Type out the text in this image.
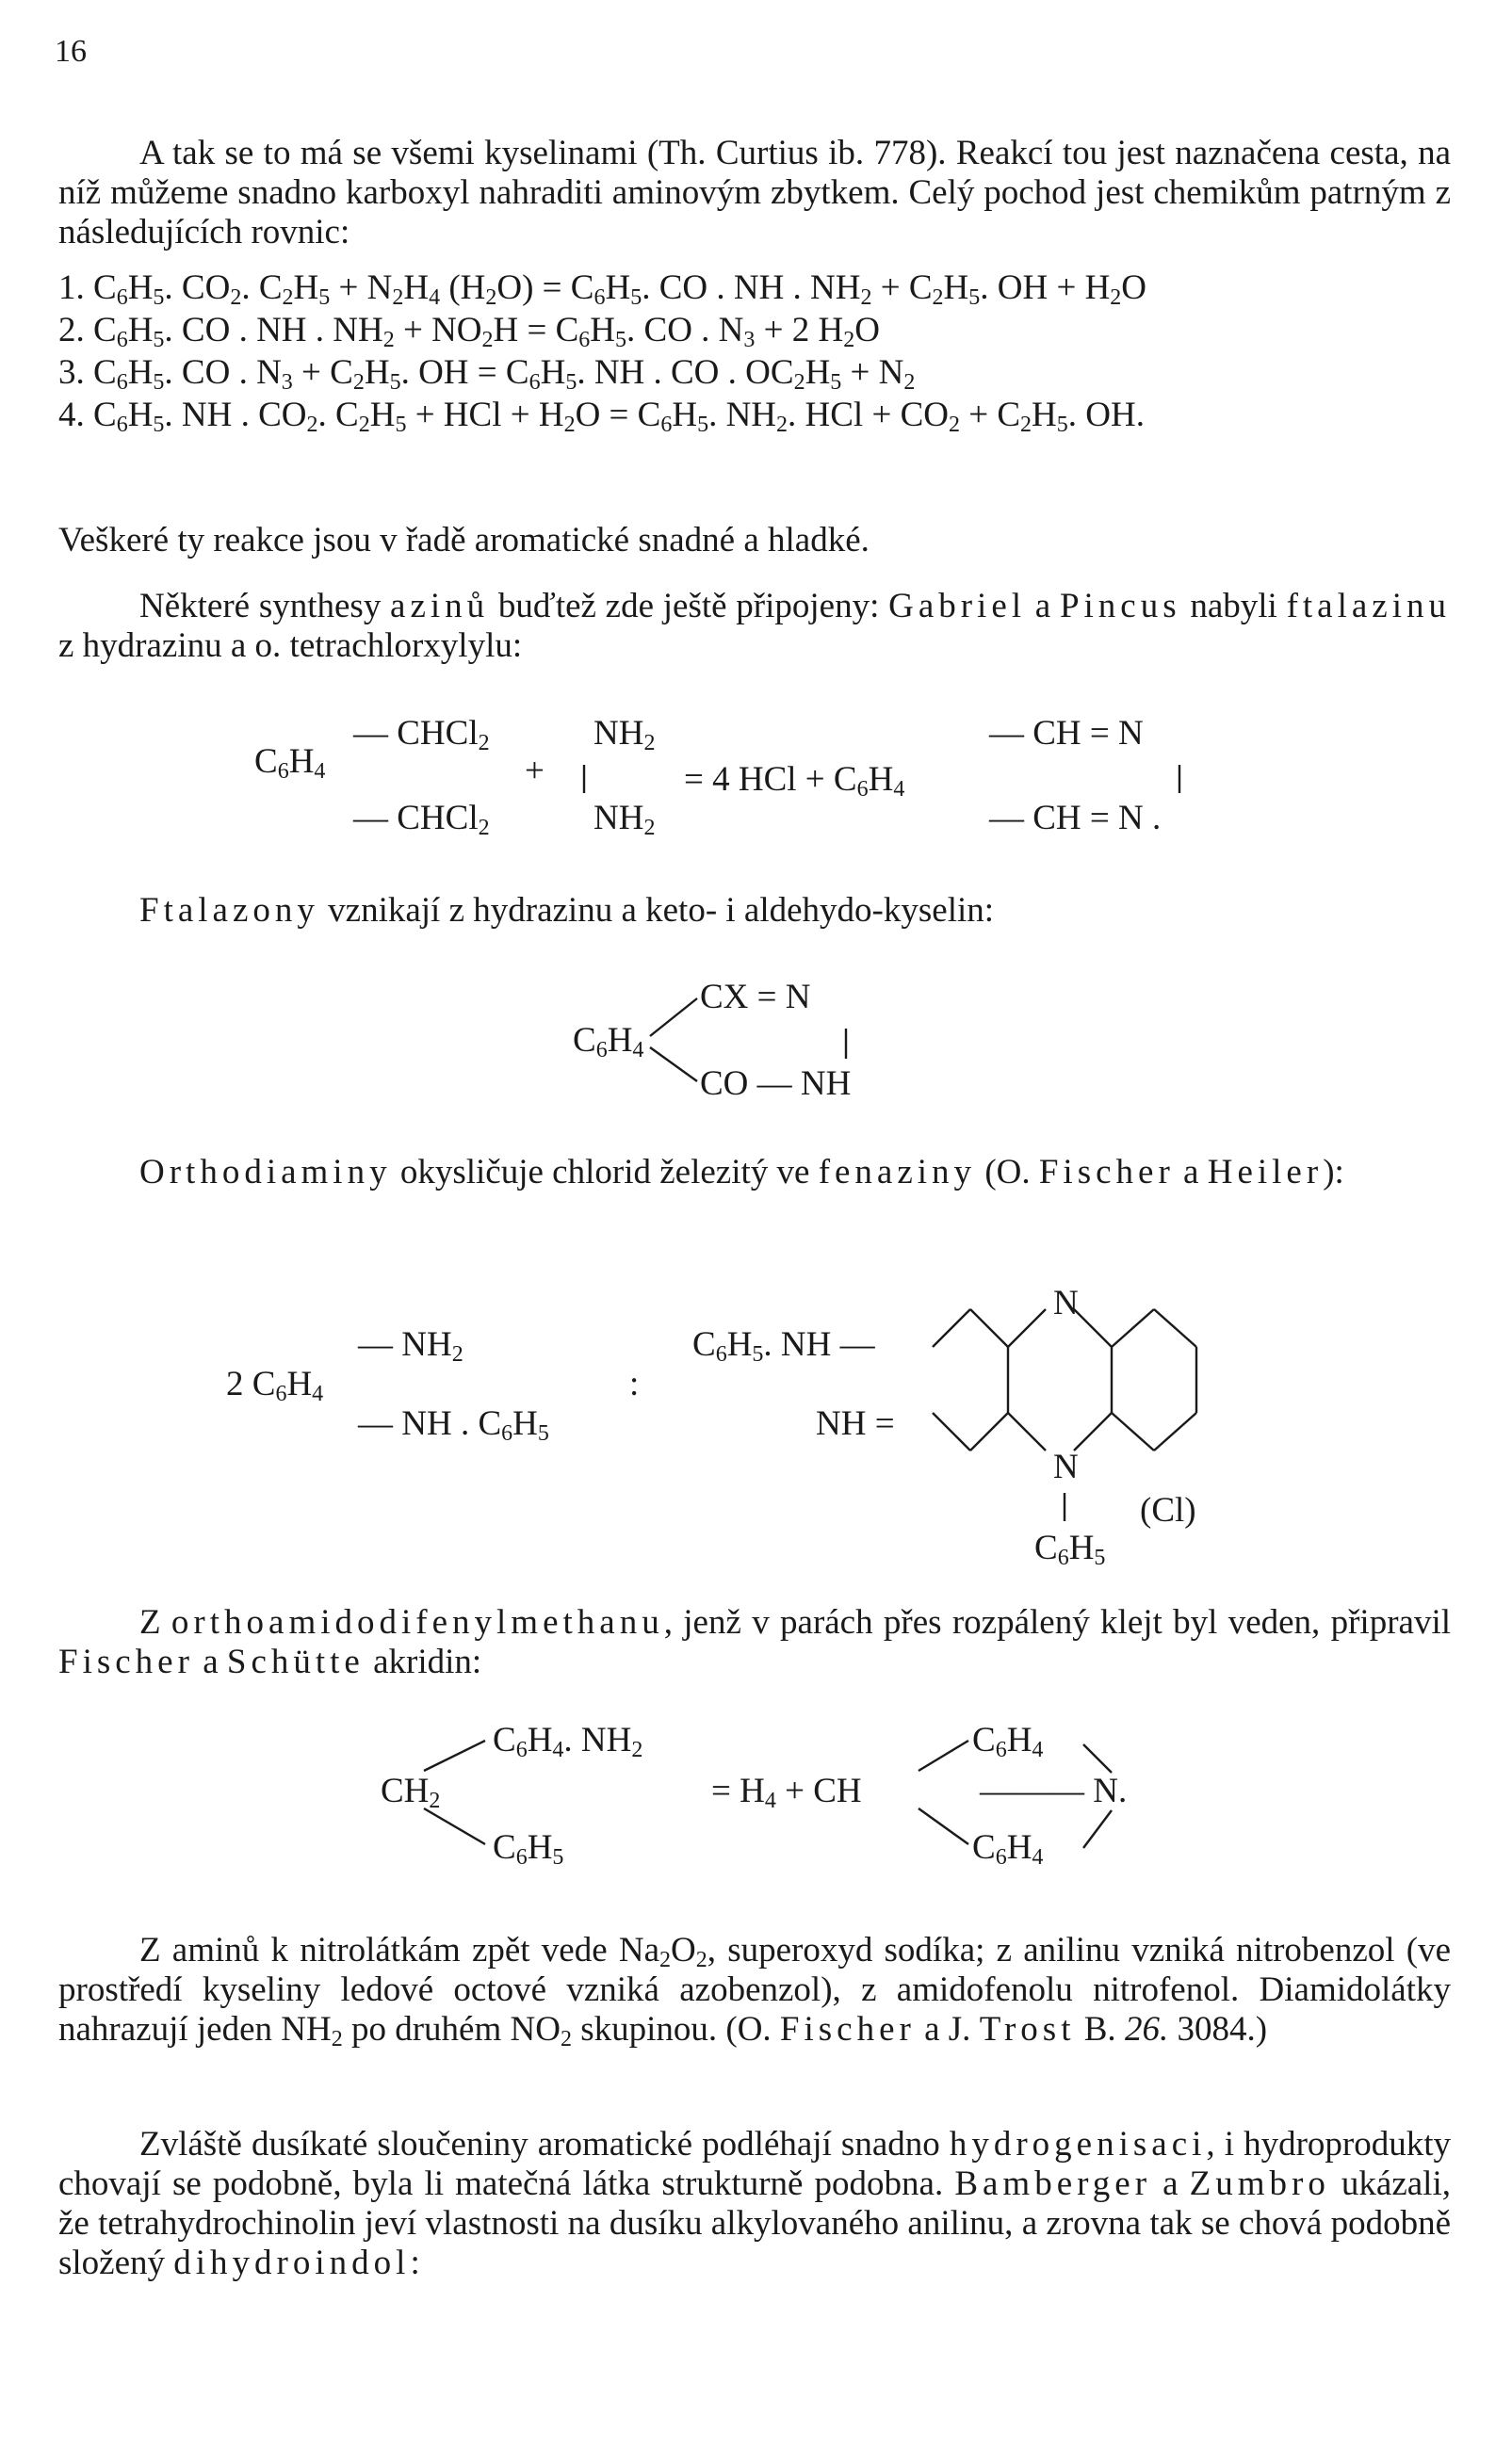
16
A tak se to má se všemi kyselinami (Th. Curtius ib. 778). Reakcí tou jest naznačena cesta, na níž můžeme snadno karboxyl nahraditi aminovým zbytkem. Celý pochod jest chemikům patrným z následujících rovnic:
1. $C_6H_5$. $CO_2$. $C_2H_5 + N_2H_4$ $(H_2O) = C_6H_5$. CO . NH . $NH_2 + C_2H_5$. OH + $H_2O$
2. $C_6H_5$. CO . NH . $NH_2 + NO_2H = C_6H_5$. CO . $N_3 + 2$ $H_2O$
3. $C_6H_5$. CO . $N_3 + C_2H_5$. OH = $C_6H_5$. NH . CO . $OC_2H_5 + N_2$
4. $C_6H_5$. NH . $CO_2$. $C_2H_5$ + HCl + $H_2O = C_6H_5$. $NH_2$. HCl + $CO_2 + C_2H_5$. OH.
Veškeré ty reakce jsou v řadě aromatické snadné a hladké.
Některé synthesy azinů buďtež zde ještě připojeny: Gabriel a Pincus nabyli ftalazinu z hydrazinu a o. tetrachlorxylylu:
$C_6H_4$
— CHCl$_2$
— CHCl$_2$
+
$NH_2$
$NH_2$
= 4 HCl + $C_6H_4$
— CH = N
— CH = N .
Ftalazony vznikají z hydrazinu a keto- i aldehydo-kyselin:
$C_6H_4$
CX = N
CO — NH
Orthodiaminy okysličuje chlorid železitý ve fenaziny (O. Fischer a Heiler):
2 $C_6H_4$
— $NH_2$
— NH . $C_6H_5$
:
$C_6H_5$. NH —
NH =
N
N
(Cl)
$C_6H_5$
Z orthoamidodifenylmethanu, jenž v parách přes rozpálený klejt byl veden, připravil Fischer a Schütte akridin:
$CH_2$
$C_6H_4$. $NH_2$
$C_6H_5$
= $H_4$ + CH
$C_6H_4$
——— N.
$C_6H_4$
Z aminů k nitrolátkám zpět vede $Na_2O_2$, superoxyd sodíka; z anilinu vzniká nitrobenzol (ve prostředí kyseliny ledové octové vzniká azobenzol), z amidofenolu nitrofenol. Diamidolátky nahrazují jeden $NH_2$ po druhém $NO_2$ skupinou. (O. Fischer a J. Trost B. 26. 3084.)
Zvláště dusíkaté sloučeniny aromatické podléhají snadno hydrogenisaci, i hydroprodukty chovají se podobně, byla li matečná látka strukturně podobna. Bamberger a Zumbro ukázali, že tetrahydrochinolin jeví vlastnosti na dusíku alkylovaného anilinu, a zrovna tak se chová podobně složený dihydroindol:
